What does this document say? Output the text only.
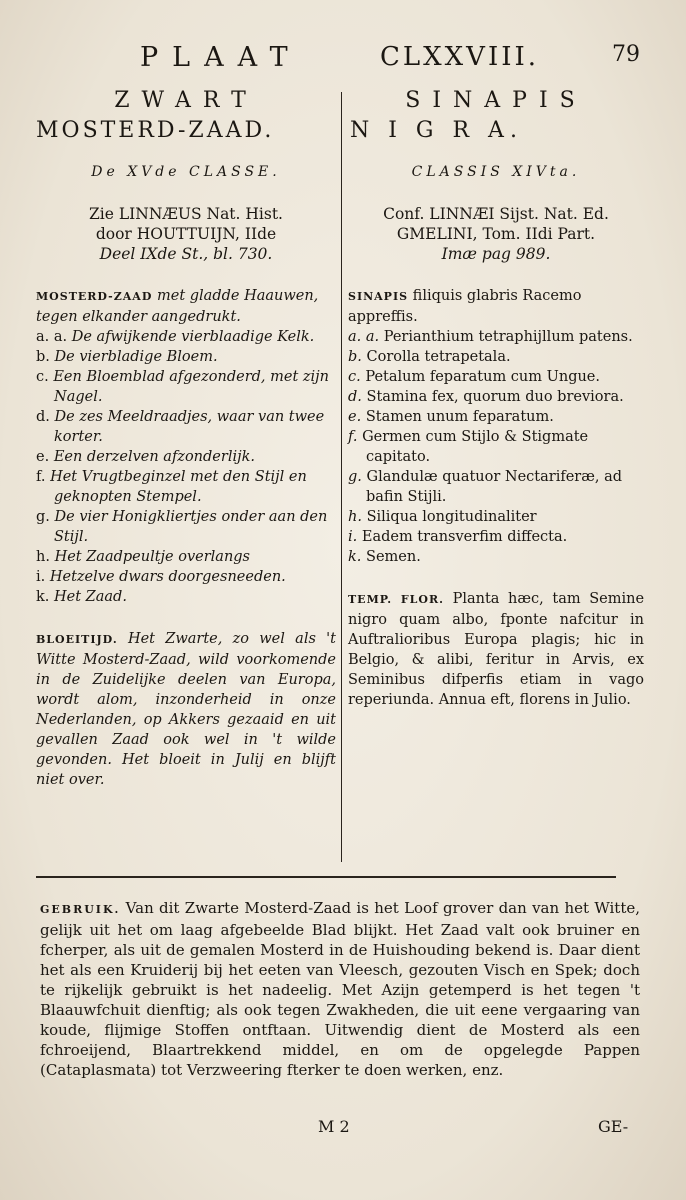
PLAAT	CLXXVIII.	79
ZWART
MOSTERD-ZAAD.
De XVde CLASSE.
Zie LINNÆUS Nat. Hist.
door HOUTTUIJN, IIde
Deel IXde St., bl. 730.
MOSTERD-ZAAD met gladde Haauwen, tegen elkander aangedrukt.
a. a. De afwijkende vierblaadige Kelk.
b. De vierbladige Bloem.
c. Een Bloemblad afgezonderd, met zijn Nagel.
d. De zes Meeldraadjes, waar van twee korter.
e. Een derzelven afzonderlijk.
f. Het Vrugtbeginzel met den Stijl en geknopten Stempel.
g. De vier Honigkliertjes onder aan den Stijl.
h. Het Zaadpeultje overlangs
i. Hetzelve dwars doorgesneeden.
k. Het Zaad.
BLOEITIJD. Het Zwarte, zo wel als 't Witte Mosterd-Zaad, wild voorkomende in de Zuidelijke deelen van Europa, wordt alom, inzonderheid in onze Nederlanden, op Akkers gezaaid en uit gevallen Zaad ook wel in 't wilde gevonden. Het bloeit in Julij en blijft niet over.
SINAPIS
N I G R A.
CLASSIS XIVta.
Conf. LINNÆI Sijst. Nat. Ed.
GMELINI, Tom. IIdi Part.
Imæ pag 989.
SINAPIS filiquis glabris Racemo appreffis.
a. a. Perianthium tetraphijllum patens.
b. Corolla tetrapetala.
c. Petalum feparatum cum Ungue.
d. Stamina fex, quorum duo breviora.
e. Stamen unum feparatum.
f. Germen cum Stijlo & Stigmate capitato.
g. Glandulæ quatuor Nectariferæ, ad bafin Stijli.
h. Siliqua longitudinaliter
i. Eadem transverfim diffecta.
k. Semen.
TEMP. FLOR. Planta hæc, tam Semine nigro quam albo, fponte nafcitur in Auftralioribus Europa plagis; hic in Belgio, & alibi, feritur in Arvis, ex Seminibus difperfis etiam in vago reperiunda. Annua eft, florens in Julio.
GEBRUIK. Van dit Zwarte Mosterd-Zaad is het Loof grover dan van het Witte, gelijk uit het om laag afgebeelde Blad blijkt. Het Zaad valt ook bruiner en fcherper, als uit de gemalen Mosterd in de Huishouding bekend is. Daar dient het als een Kruiderij bij het eeten van Vleesch, gezouten Visch en Spek; doch te rijkelijk gebruikt is het nadeelig. Met Azijn getemperd is het tegen 't Blaauwfchuit dienftig; als ook tegen Zwakheden, die uit eene vergaaring van koude, flijmige Stoffen ontftaan. Uitwendig dient de Mosterd als een fchroeijend, Blaartrekkend middel, en om de opgelegde Pappen (Cataplasmata) tot Verzweering fterker te doen werken, enz.
M 2	GE-
